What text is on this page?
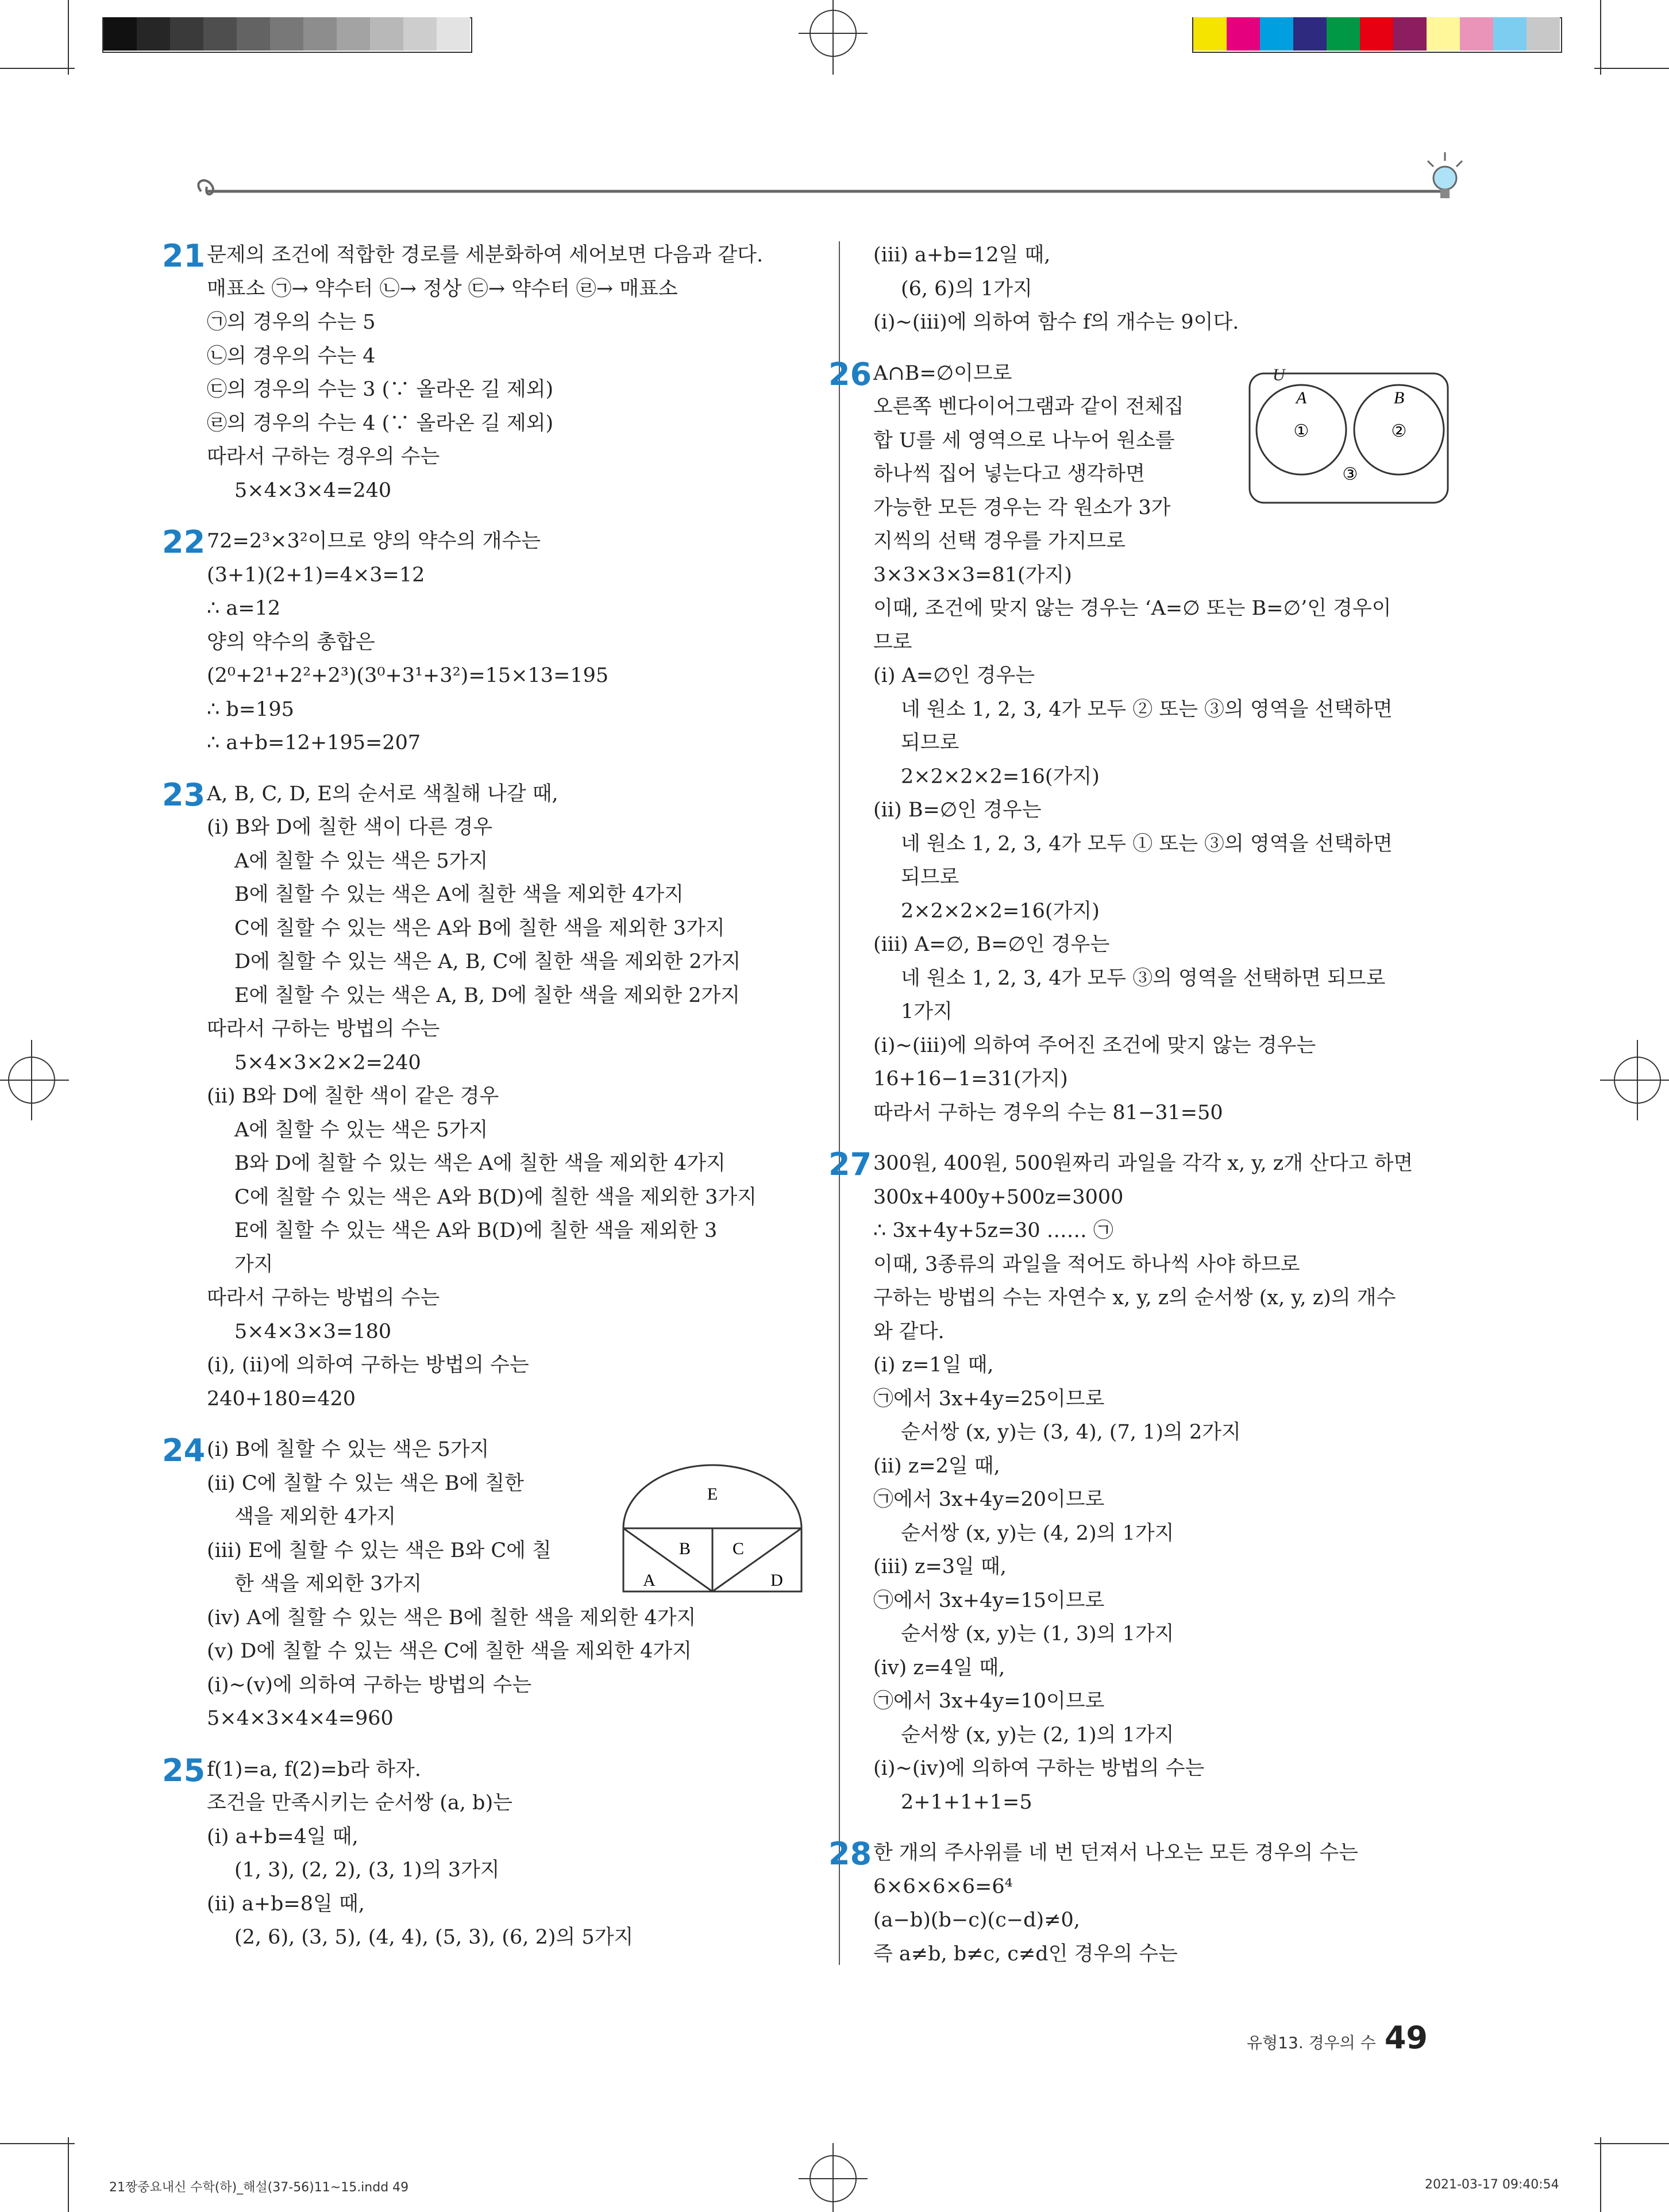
문제의 조건에 적합한 경로를 세분화하여 세어보면 다음과 같다.
21
매표소 ㉠→ 약수터 ㉡→ 정상 ㉢→ 약수터 ㉣→ 매표소
㉠의 경우의 수는 5
㉡의 경우의 수는 4
㉢의 경우의 수는 3 (∵ 올라온 길 제외)
㉣의 경우의 수는 4 (∵ 올라온 길 제외)
따라서 구하는 경우의 수는
5×4×3×4=240
72=2³×3²이므로 양의 약수의 개수는
22
(3+1)(2+1)=4×3=12
∴ a=12
양의 약수의 총합은
(2⁰+2¹+2²+2³)(3⁰+3¹+3²)=15×13=195
∴ b=195
∴ a+b=12+195=207
A, B, C, D, E의 순서로 색칠해 나갈 때,
23
(ⅰ) B와 D에 칠한 색이 다른 경우
A에 칠할 수 있는 색은 5가지
B에 칠할 수 있는 색은 A에 칠한 색을 제외한 4가지
C에 칠할 수 있는 색은 A와 B에 칠한 색을 제외한 3가지
D에 칠할 수 있는 색은 A, B, C에 칠한 색을 제외한 2가지
E에 칠할 수 있는 색은 A, B, D에 칠한 색을 제외한 2가지
따라서 구하는 방법의 수는
5×4×3×2×2=240
(ⅱ) B와 D에 칠한 색이 같은 경우
A에 칠할 수 있는 색은 5가지
B와 D에 칠할 수 있는 색은 A에 칠한 색을 제외한 4가지
C에 칠할 수 있는 색은 A와 B(D)에 칠한 색을 제외한 3가지
E에 칠할 수 있는 색은 A와 B(D)에 칠한 색을 제외한 3
가지
따라서 구하는 방법의 수는
5×4×3×3=180
(ⅰ), (ⅱ)에 의하여 구하는 방법의 수는
240+180=420
(ⅰ) B에 칠할 수 있는 색은 5가지
24
(ⅱ) C에 칠할 수 있는 색은 B에 칠한
색을 제외한 4가지
(ⅲ) E에 칠할 수 있는 색은 B와 C에 칠
한 색을 제외한 3가지
(ⅳ) A에 칠할 수 있는 색은 B에 칠한 색을 제외한 4가지
(ⅴ) D에 칠할 수 있는 색은 C에 칠한 색을 제외한 4가지
(ⅰ)~(ⅴ)에 의하여 구하는 방법의 수는
5×4×3×4×4=960
f(1)=a, f(2)=b라 하자.
25
조건을 만족시키는 순서쌍 (a, b)는
(ⅰ) a+b=4일 때,
(1, 3), (2, 2), (3, 1)의 3가지
(ⅱ) a+b=8일 때,
(2, 6), (3, 5), (4, 4), (5, 3), (6, 2)의 5가지
(ⅲ) a+b=12일 때,
(6, 6)의 1가지
(ⅰ)~(ⅲ)에 의하여 함수 f의 개수는 9이다.
A∩B=∅이므로
26
오른쪽 벤다이어그램과 같이 전체집
합 U를 세 영역으로 나누어 원소를
하나씩 집어 넣는다고 생각하면
가능한 모든 경우는 각 원소가 3가
지씩의 선택 경우를 가지므로
3×3×3×3=81(가지)
이때, 조건에 맞지 않는 경우는 ‘A=∅ 또는 B=∅’인 경우이
므로
(ⅰ) A=∅인 경우는
네 원소 1, 2, 3, 4가 모두 ② 또는 ③의 영역을 선택하면
되므로
2×2×2×2=16(가지)
(ⅱ) B=∅인 경우는
네 원소 1, 2, 3, 4가 모두 ① 또는 ③의 영역을 선택하면
되므로
2×2×2×2=16(가지)
(ⅲ) A=∅, B=∅인 경우는
네 원소 1, 2, 3, 4가 모두 ③의 영역을 선택하면 되므로
1가지
(ⅰ)~(ⅲ)에 의하여 주어진 조건에 맞지 않는 경우는
16+16−1=31(가지)
따라서 구하는 경우의 수는 81−31=50
300원, 400원, 500원짜리 과일을 각각 x, y, z개 산다고 하면
27
300x+400y+500z=3000
∴ 3x+4y+5z=30 …… ㉠
이때, 3종류의 과일을 적어도 하나씩 사야 하므로
구하는 방법의 수는 자연수 x, y, z의 순서쌍 (x, y, z)의 개수
와 같다.
(ⅰ) z=1일 때,
㉠에서 3x+4y=25이므로
순서쌍 (x, y)는 (3, 4), (7, 1)의 2가지
(ⅱ) z=2일 때,
㉠에서 3x+4y=20이므로
순서쌍 (x, y)는 (4, 2)의 1가지
(ⅲ) z=3일 때,
㉠에서 3x+4y=15이므로
순서쌍 (x, y)는 (1, 3)의 1가지
(ⅳ) z=4일 때,
㉠에서 3x+4y=10이므로
순서쌍 (x, y)는 (2, 1)의 1가지
(ⅰ)~(ⅳ)에 의하여 구하는 방법의 수는
2+1+1+1=5
한 개의 주사위를 네 번 던져서 나오는 모든 경우의 수는
28
6×6×6×6=6⁴
(a−b)(b−c)(c−d)≠0,
즉 a≠b, b≠c, c≠d인 경우의 수는
E
B C
A	D
U
A	B
①	②
③
유형13. 경우의 수 49
21짱중요내신 수학(하)_해설(37-56)11~15.indd 49	2021-03-17 09:40:54
